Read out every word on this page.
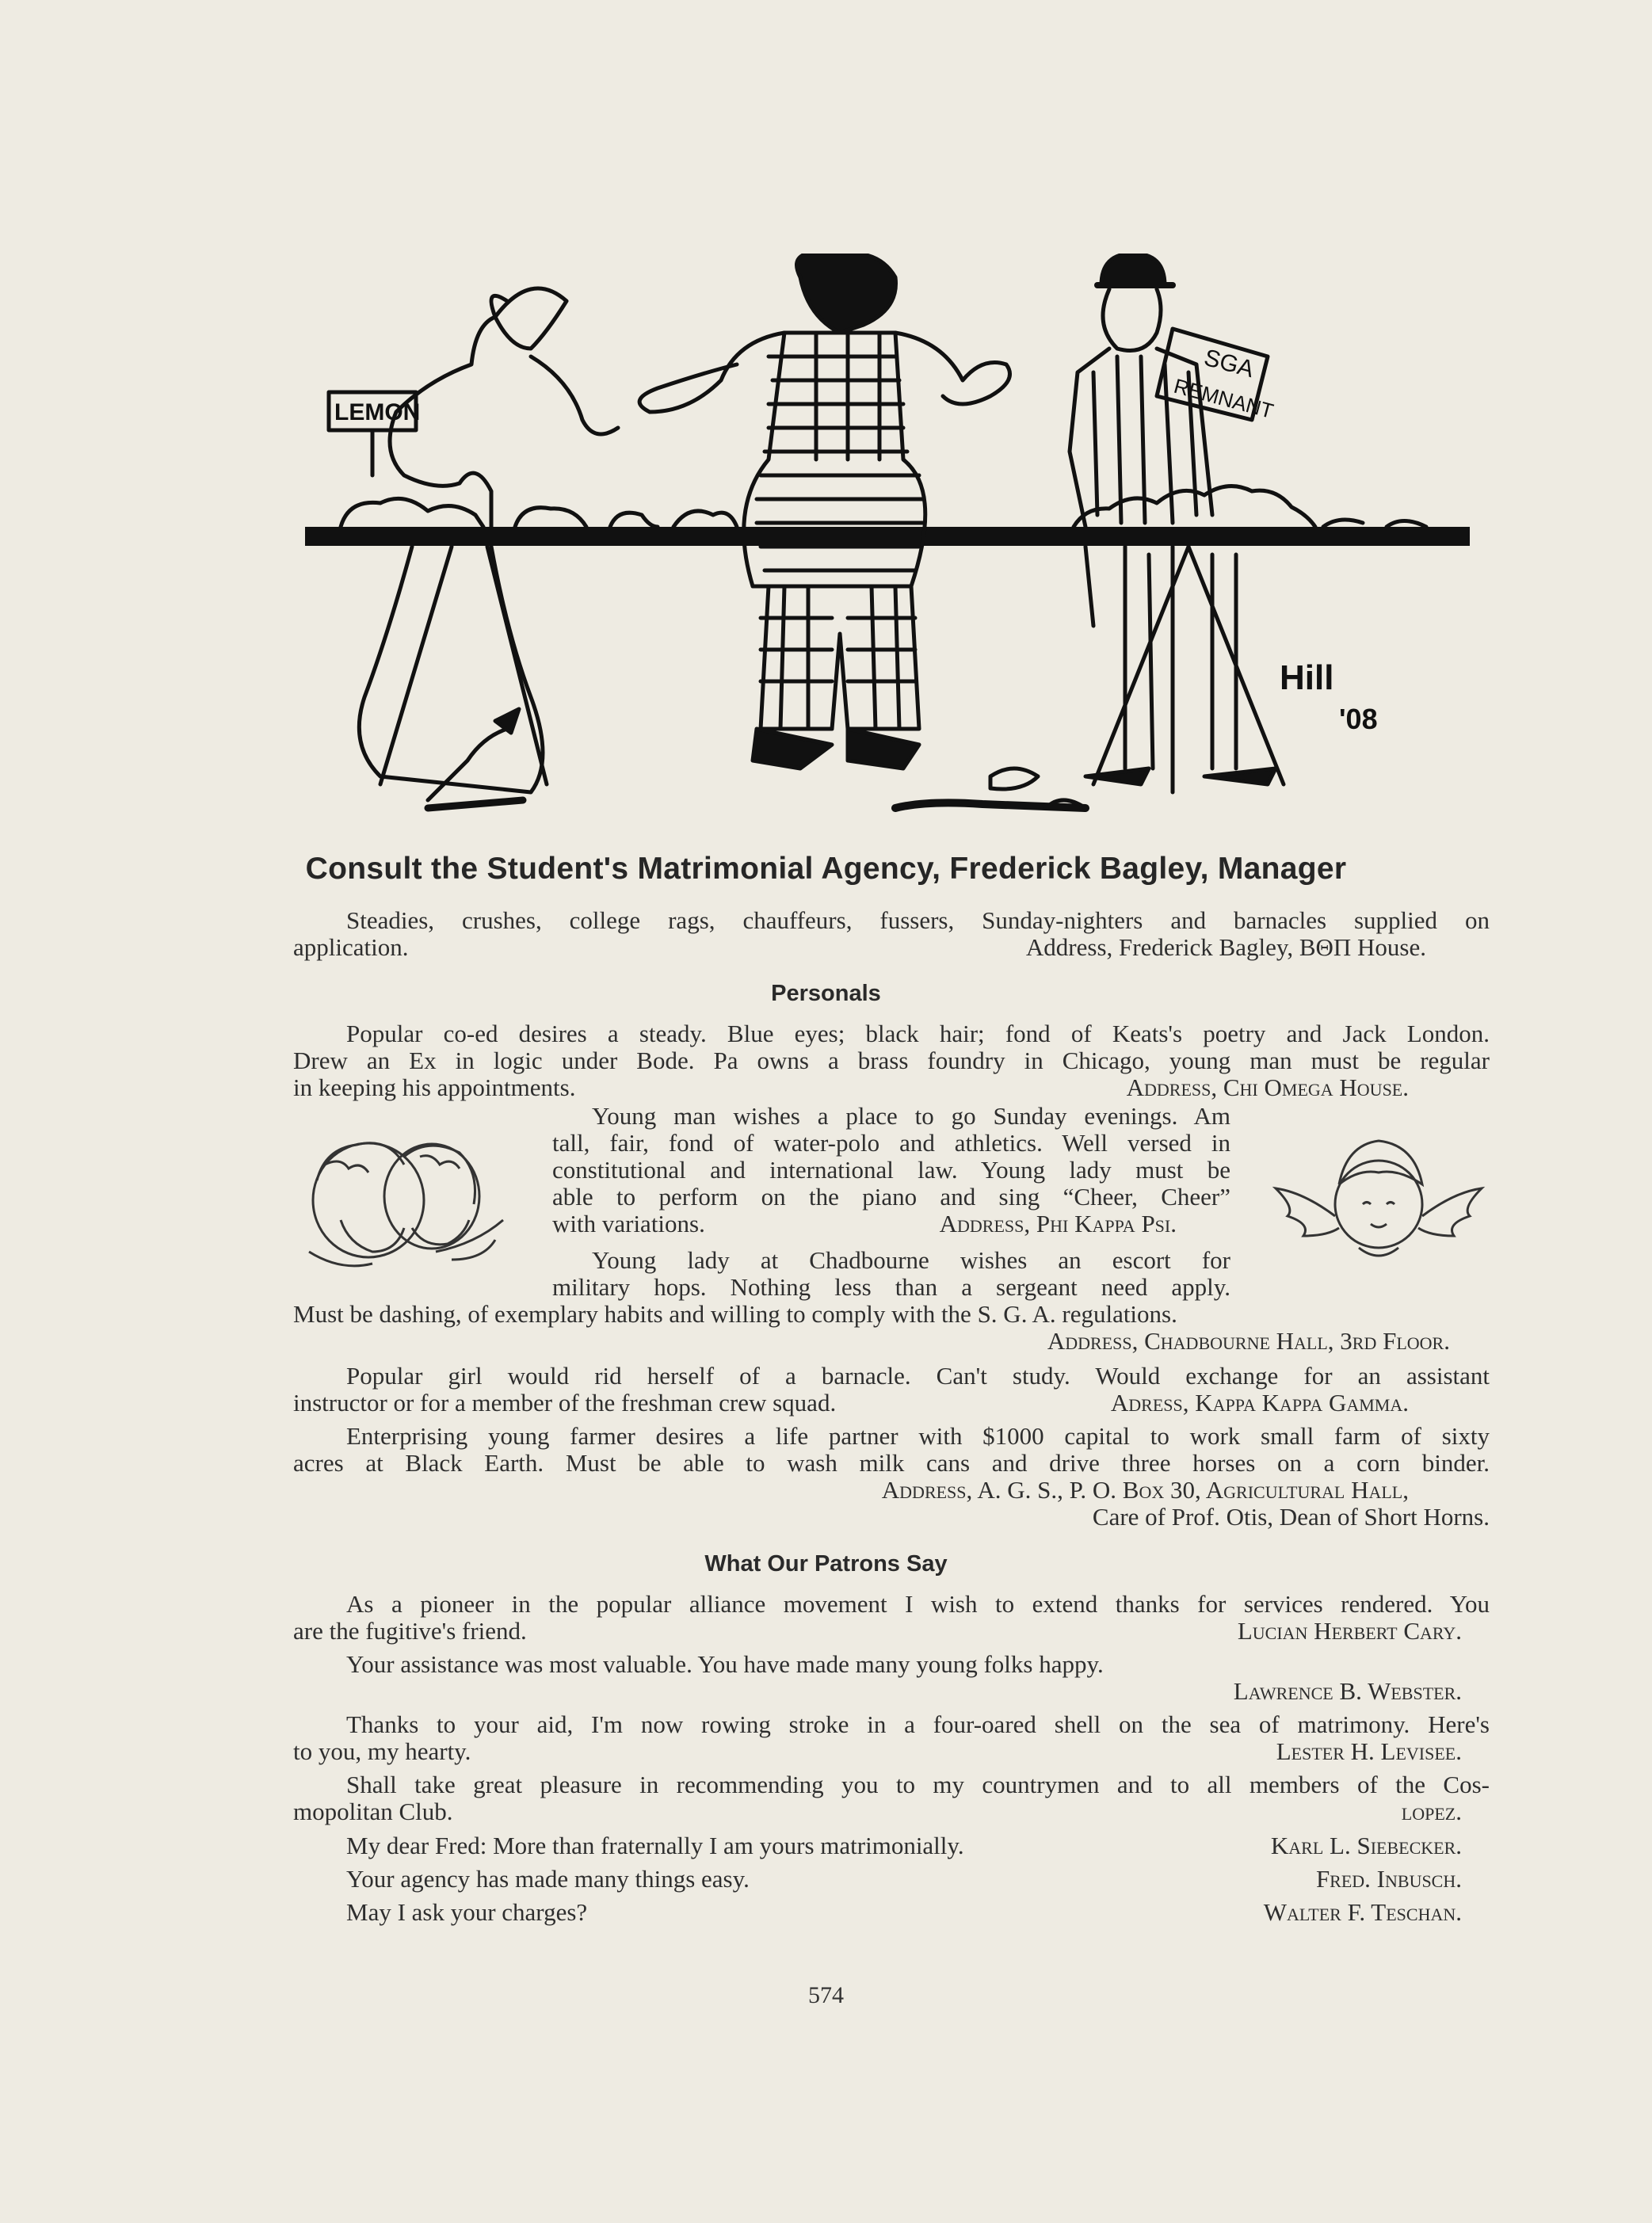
LEMON
SGA
REMNANT
Hill
'08
Consult the Student's Matrimonial Agency, Frederick Bagley, Manager
Steadies, crushes, college rags, chauffeurs, fussers, Sunday-nighters and barnacles supplied on
application.	Address, Frederick Bagley, BΘΠ House.
Personals
Popular co-ed desires a steady. Blue eyes; black hair; fond of Keats's poetry and Jack London.
Drew an Ex in logic under Bode. Pa owns a brass foundry in Chicago, young man must be regular
in keeping his appointments.	Address, Chi Omega House.
Young man wishes a place to go Sunday evenings. Am
tall, fair, fond of water-polo and athletics. Well versed in
constitutional and international law. Young lady must be
able to perform on the piano and sing “Cheer, Cheer”
with variations.	Address, Phi Kappa Psi.
Young lady at Chadbourne wishes an escort for
military hops. Nothing less than a sergeant need apply.
Must be dashing, of exemplary habits and willing to comply with the S. G. A. regulations.
Address, Chadbourne Hall, 3rd Floor.
Popular girl would rid herself of a barnacle. Can't study. Would exchange for an assistant
instructor or for a member of the freshman crew squad.	Adress, Kappa Kappa Gamma.
Enterprising young farmer desires a life partner with $1000 capital to work small farm of sixty
acres at Black Earth. Must be able to wash milk cans and drive three horses on a corn binder.
Address, A. G. S., P. O. Box 30, Agricultural Hall,
Care of Prof. Otis, Dean of Short Horns.
What Our Patrons Say
As a pioneer in the popular alliance movement I wish to extend thanks for services rendered. You
are the fugitive's friend.	Lucian Herbert Cary.
Your assistance was most valuable. You have made many young folks happy.
Lawrence B. Webster.
Thanks to your aid, I'm now rowing stroke in a four-oared shell on the sea of matrimony. Here's
to you, my hearty.	Lester H. Levisee.
Shall take great pleasure in recommending you to my countrymen and to all members of the Cos-
mopolitan Club.	lopez.
My dear Fred: More than fraternally I am yours matrimonially.	Karl L. Siebecker.
Your agency has made many things easy.	Fred. Inbusch.
May I ask your charges?	Walter F. Teschan.
574
